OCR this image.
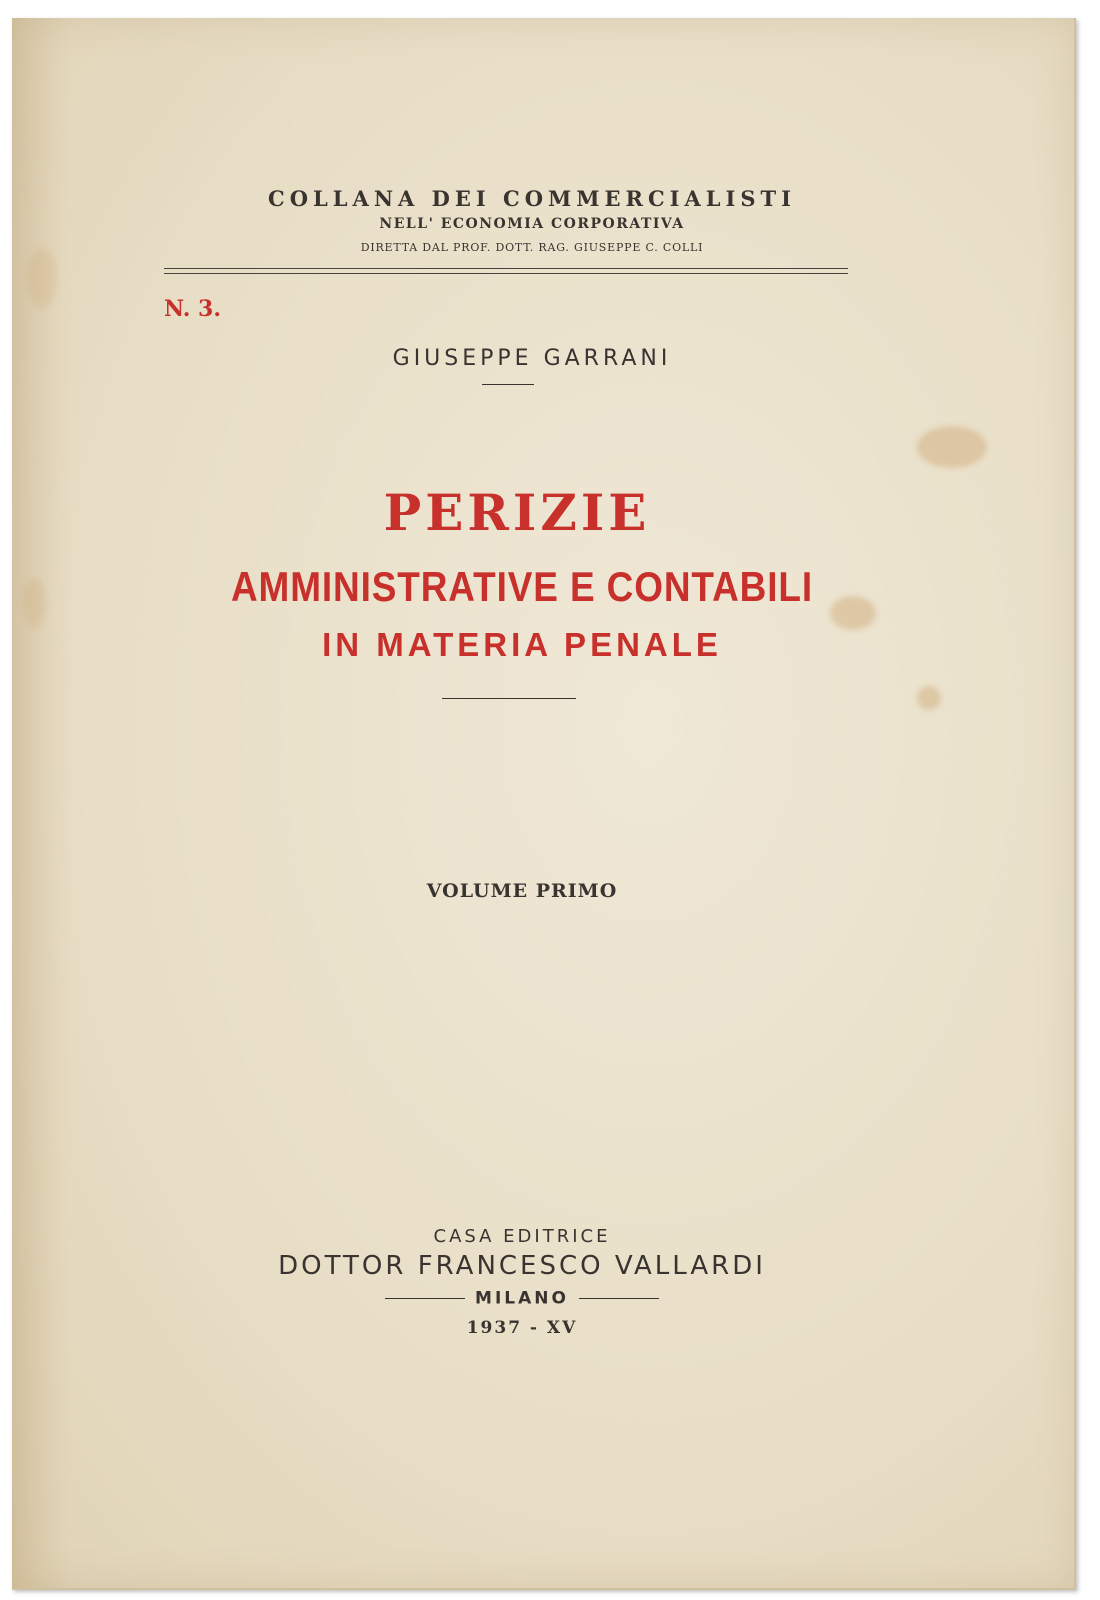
COLLANA DEI COMMERCIALISTI
NELL' ECONOMIA CORPORATIVA
DIRETTA DAL PROF. DOTT. RAG. GIUSEPPE C. COLLI
N. 3.
GIUSEPPE GARRANI
PERIZIE
AMMINISTRATIVE E CONTABILI
IN MATERIA PENALE
VOLUME PRIMO
CASA EDITRICE
DOTTOR FRANCESCO VALLARDI
MILANO
1937 - XV
